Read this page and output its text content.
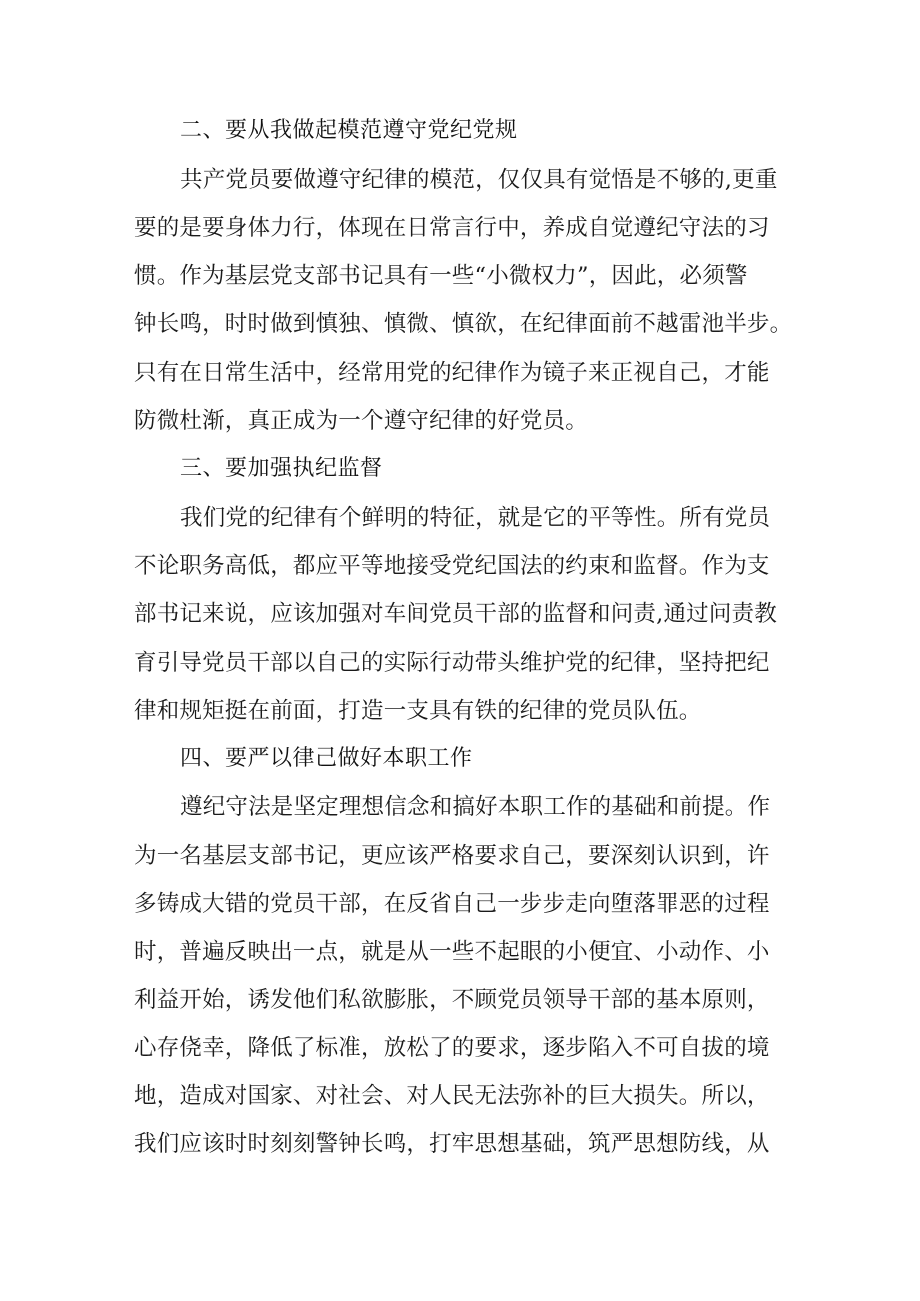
二、要从我做起模范遵守党纪党规
共产党员要做遵守纪律的模范，仅仅具有觉悟是不够的,更重
要的是要身体力行，体现在日常言行中，养成自觉遵纪守法的习
惯。作为基层党支部书记具有一些“小微权力”，因此，必须警
钟长鸣，时时做到慎独、慎微、慎欲，在纪律面前不越雷池半步。
只有在日常生活中，经常用党的纪律作为镜子来正视自己，才能
防微杜渐，真正成为一个遵守纪律的好党员。
三、要加强执纪监督
我们党的纪律有个鲜明的特征，就是它的平等性。所有党员
不论职务高低，都应平等地接受党纪国法的约束和监督。作为支
部书记来说，应该加强对车间党员干部的监督和问责,通过问责教
育引导党员干部以自己的实际行动带头维护党的纪律，坚持把纪
律和规矩挺在前面，打造一支具有铁的纪律的党员队伍。
四、要严以律己做好本职工作
遵纪守法是坚定理想信念和搞好本职工作的基础和前提。作
为一名基层支部书记，更应该严格要求自己，要深刻认识到，许
多铸成大错的党员干部，在反省自己一步步走向堕落罪恶的过程
时，普遍反映出一点，就是从一些不起眼的小便宜、小动作、小
利益开始，诱发他们私欲膨胀，不顾党员领导干部的基本原则，
心存侥幸，降低了标准，放松了的要求，逐步陷入不可自拔的境
地，造成对国家、对社会、对人民无法弥补的巨大损失。所以，
我们应该时时刻刻警钟长鸣，打牢思想基础，筑严思想防线，从
